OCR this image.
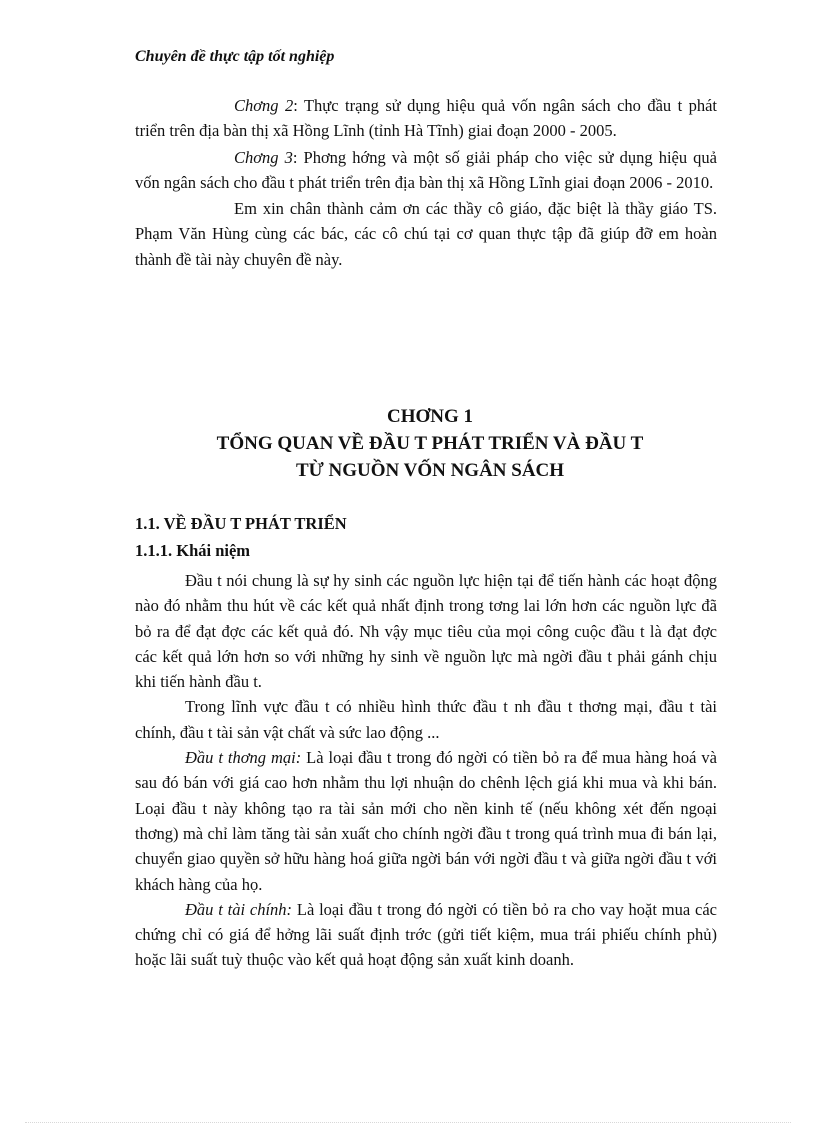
Chuyên đề thực tập tốt nghiệp

Chơng 2: Thực trạng sử dụng hiệu quả vốn ngân sách cho đầu t phát triển trên địa bàn thị xã Hồng Lĩnh (tỉnh Hà Tĩnh) giai đoạn 2000 - 2005.

Chơng 3: Phơng hớng và một số giải pháp cho việc sử dụng hiệu quả vốn ngân sách cho đầu t phát triển trên địa bàn thị xã Hồng Lĩnh giai đoạn 2006 - 2010.

Em xin chân thành cảm ơn các thầy cô giáo, đặc biệt là thầy giáo TS. Phạm Văn Hùng cùng các bác, các cô chú tại cơ quan thực tập đã giúp đỡ em hoàn thành đề tài này chuyên đề này.

CHƠNG 1
TỔNG QUAN VỀ ĐẦU T PHÁT TRIỂN VÀ ĐẦU T
TỪ NGUỒN VỐN NGÂN SÁCH
1.1. VỀ ĐẦU T PHÁT TRIỂN
1.1.1. Khái niệm

Đầu t nói chung là sự hy sinh các nguồn lực hiện tại để tiến hành các hoạt động nào đó nhằm thu hút về các kết quả nhất định trong tơng lai lớn hơn các nguồn lực đã bỏ ra để đạt đợc các kết quả đó. Nh vậy mục tiêu của mọi công cuộc đầu t là đạt đợc các kết quả lớn hơn so với những hy sinh về nguồn lực mà ngời đầu t phải gánh chịu khi tiến hành đầu t.

Trong lĩnh vực đầu t có nhiều hình thức đầu t nh đầu t thơng mại, đầu t tài chính, đầu t tài sản vật chất và sức lao động ...

Đầu t thơng mại: Là loại đầu t trong đó ngời có tiền bỏ ra để mua hàng hoá và sau đó bán với giá cao hơn nhằm thu lợi nhuận do chênh lệch giá khi mua và khi bán. Loại đầu t này không tạo ra tài sản mới cho nền kinh tế (nếu không xét đến ngoại thơng) mà chỉ làm tăng tài sản xuất cho chính ngời đầu t trong quá trình mua đi bán lại, chuyển giao quyền sở hữu hàng hoá giữa ngời bán với ngời đầu t và giữa ngời đầu t với khách hàng của họ.

Đầu t tài chính: Là loại đầu t trong đó ngời có tiền bỏ ra cho vay hoặt mua các chứng chỉ có giá để hởng lãi suất định trớc (gửi tiết kiệm, mua trái phiếu chính phủ) hoặc lãi suất tuỳ thuộc vào kết quả hoạt động sản xuất kinh doanh.
